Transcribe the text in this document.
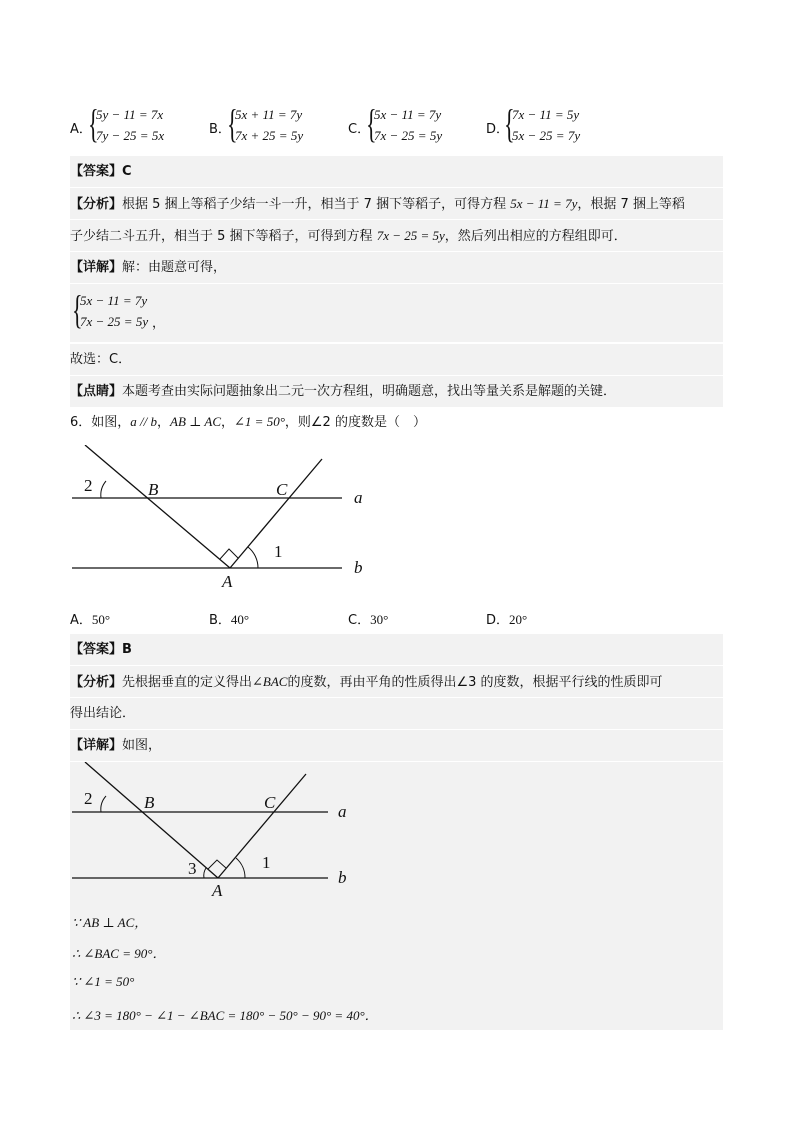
A．
{
5y − 11 = 7x
7y − 25 = 5x	B．
{
5x + 11 = 7y
7x + 25 = 5y	C．
{
5x − 11 = 7y
7x − 25 = 5y	D．
{
7x − 11 = 5y
5x − 25 = 7y
【答案】C
【分析】根据 5 捆上等稻子少结一斗一升，相当于 7 捆下等稻子，可得方程 5x − 11 = 7y，根据 7 捆上等稻
子少结二斗五升，相当于 5 捆下等稻子，可得到方程 7x − 25 = 5y，然后列出相应的方程组即可．
【详解】解：由题意可得，
{
5x − 11 = 7y
7x − 25 = 5y ，
故选：C．
【点睛】本题考查由实际问题抽象出二元一次方程组，明确题意，找出等量关系是解题的关键．
6．如图，a // b，AB ⊥ AC，∠1 = 50°，则∠2 的度数是（　）
2	B	C	a
1
A
b
A．50°	B．40°	C．30°	D．20°
【答案】B
【分析】先根据垂直的定义得出∠BAC的度数，再由平角的性质得出∠3 的度数，根据平行线的性质即可
得出结论．
【详解】如图，
2	B	C	a
1
3
A
b
∵ AB ⊥ AC，
∴ ∠BAC = 90°．
∵ ∠1 = 50°
∴ ∠3 = 180° − ∠1 − ∠BAC = 180° − 50° − 90° = 40°．
